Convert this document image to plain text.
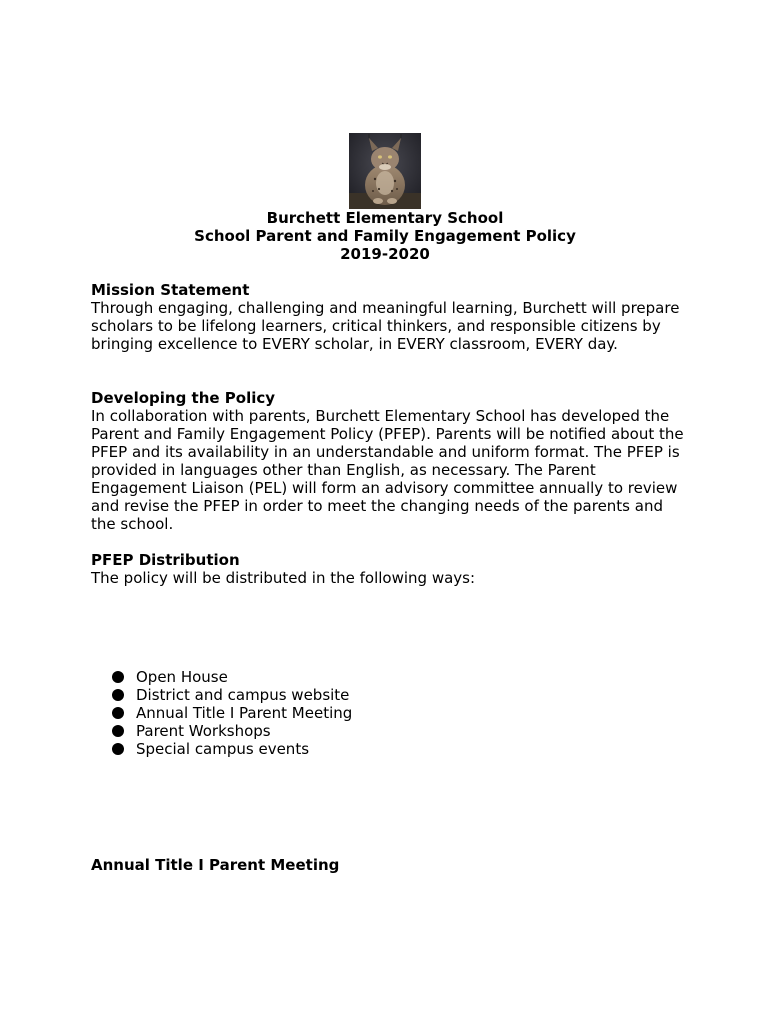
Burchett Elementary School
School Parent and Family Engagement Policy
2019-2020
Mission Statement

Through engaging, challenging and meaningful learning, Burchett will prepare scholars to be lifelong learners, critical thinkers, and responsible citizens by bringing excellence to EVERY scholar, in EVERY classroom, EVERY day.

Developing the Policy

In collaboration with parents, Burchett Elementary School has developed the Parent and Family Engagement Policy (PFEP). Parents will be notified about the PFEP and its availability in an understandable and uniform format. The PFEP is provided in languages other than English, as necessary. The Parent Engagement Liaison (PEL) will form an advisory committee annually to review and revise the PFEP in order to meet the changing needs of the parents and the school.

PFEP Distribution

The policy will be distributed in the following ways:

Open House
District and campus website
Annual Title I Parent Meeting
Parent Workshops
Special campus events
Annual Title I Parent Meeting
